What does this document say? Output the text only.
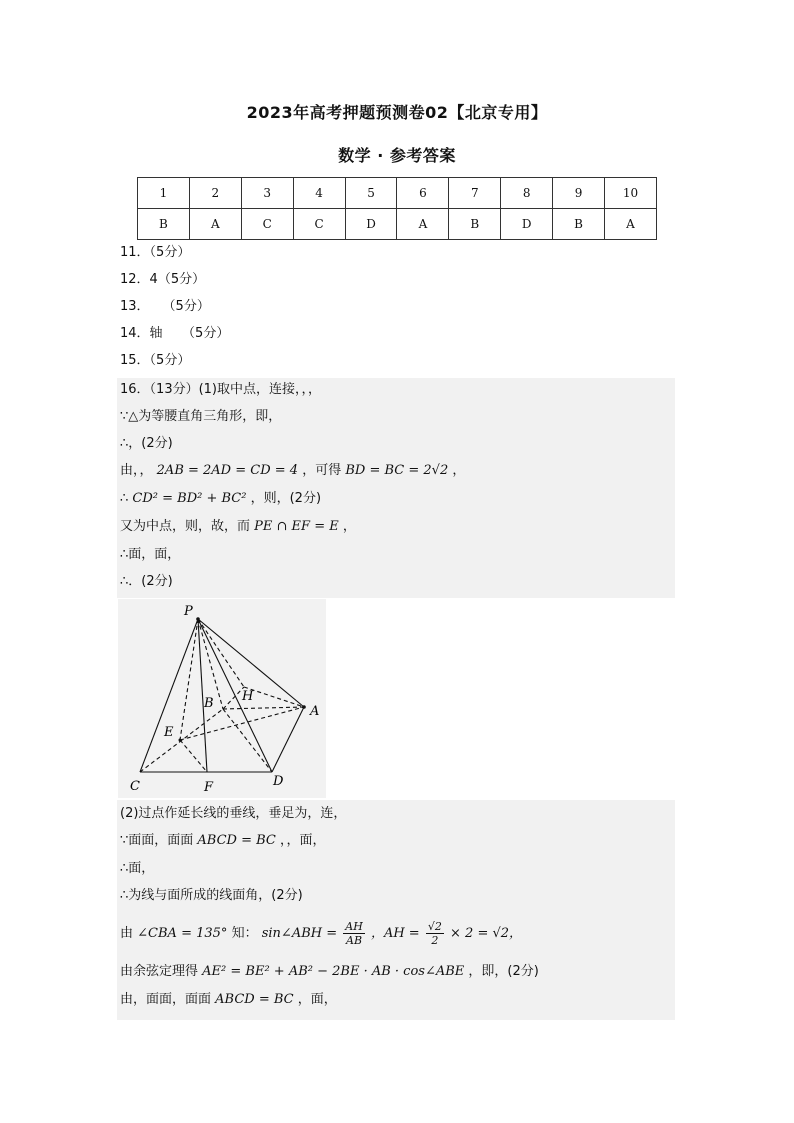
2023年高考押题预测卷02【北京专用】
数学 · 参考答案
1	2	3	4	5	6	7	8	9	10
B	A	C	C	D	A	B	D	B	A
11．（5分）
12．4（5分）
13．　　（5分）
14．轴　　（5分）
15．（5分）
16．（13分）(1)取中点，连接，，，
∵△为等腰直角三角形，即，
∴，(2分)
由，， 2AB = 2AD = CD = 4 ，可得 BD = BC = 2√2 ，
∴ CD² = BD² + BC² ，则，(2分)
又为中点，则，故，而 PE ∩ EF = E ，
∴面，面，
∴．(2分)
P
H
B
A
E
C	F	D
(2)过点作延长线的垂线，垂足为，连，
∵面面，面面 ABCD = BC ，，面，
∴面，
∴为线与面所成的线面角，(2分)
由 ∠CBA = 135° 知： sin∠ABH = $\frac{AH}{AB}$ ，AH = $\frac{√2}{2} \times 2 = √2$，
由余弦定理得 AE² = BE² + AB² − 2BE · AB · cos∠ABE ，即，(2分)
由，面面，面面 ABCD = BC ，面，
